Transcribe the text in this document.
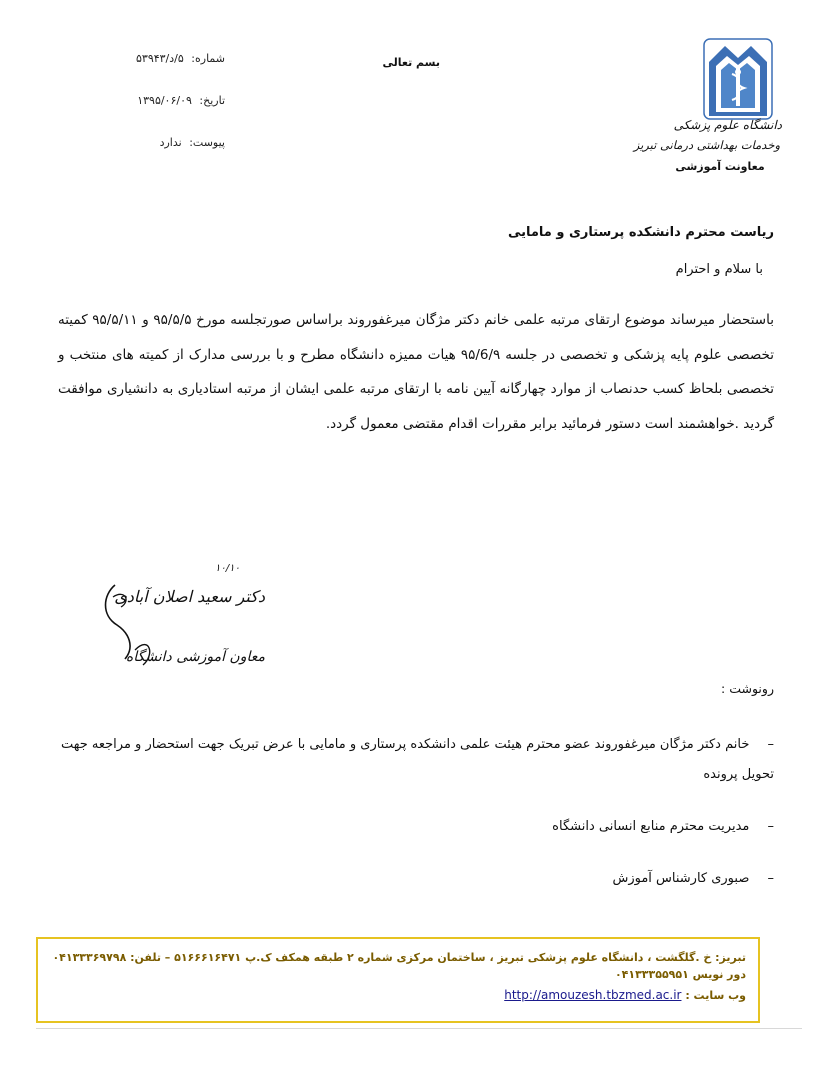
شماره: ۵/د/۵۳۹۴۳
تاریخ: ۱۳۹۵/۰۶/۰۹
پیوست: ندارد
بسم تعالی
دانشگاه علوم پزشکی
وخدمات بهداشتی درمانی تبریز
معاونت آموزشی
ریاست محترم دانشکده پرستاری و مامایی
با سلام و احترام
باستحضار میرساند موضوع ارتقای مرتبه علمی خانم دکتر مژگان میرغفوروند براساس صورتجلسه مورخ ۹۵/۵/۵ و ۹۵/۵/۱۱ کمیته تخصصی علوم پایه پزشکی و تخصصی در جلسه ۹۵/6/۹ هیات ممیزه دانشگاه مطرح و با بررسی مدارک از کمیته های منتخب و تخصصی بلحاظ کسب حدنصاب از موارد چهارگانه آیین نامه با ارتقای مرتبه علمی ایشان از مرتبه استادیاری به دانشیاری موافقت گردید .خواهشمند است دستور فرمائید برابر مقررات اقدام مقتضی معمول گردد.
۱۰/۱۰
دکتر سعید اصلان آبادی
معاون آموزشی دانشگاه
رونوشت :
– خانم دکتر مژگان میرغفوروند عضو محترم هیئت علمی دانشکده پرستاری و مامایی با عرض تبریک جهت استحضار و مراجعه جهت تحویل پرونده
– مدیریت محترم منابع انسانی دانشگاه
– صبوری کارشناس آموزش
تبریز: خ .گلگشت ، دانشگاه علوم پزشکی تبریز ، ساختمان مرکزی شماره ۲ طبقه همکف ک.پ ۵۱۶۶۶۱۶۴۷۱ – تلفن: ۰۴۱۳۳۳۶۹۷۹۸ دور نویس ۰۴۱۳۳۳۵۵۹۵۱
وب سایت : http://amouzesh.tbzmed.ac.ir
